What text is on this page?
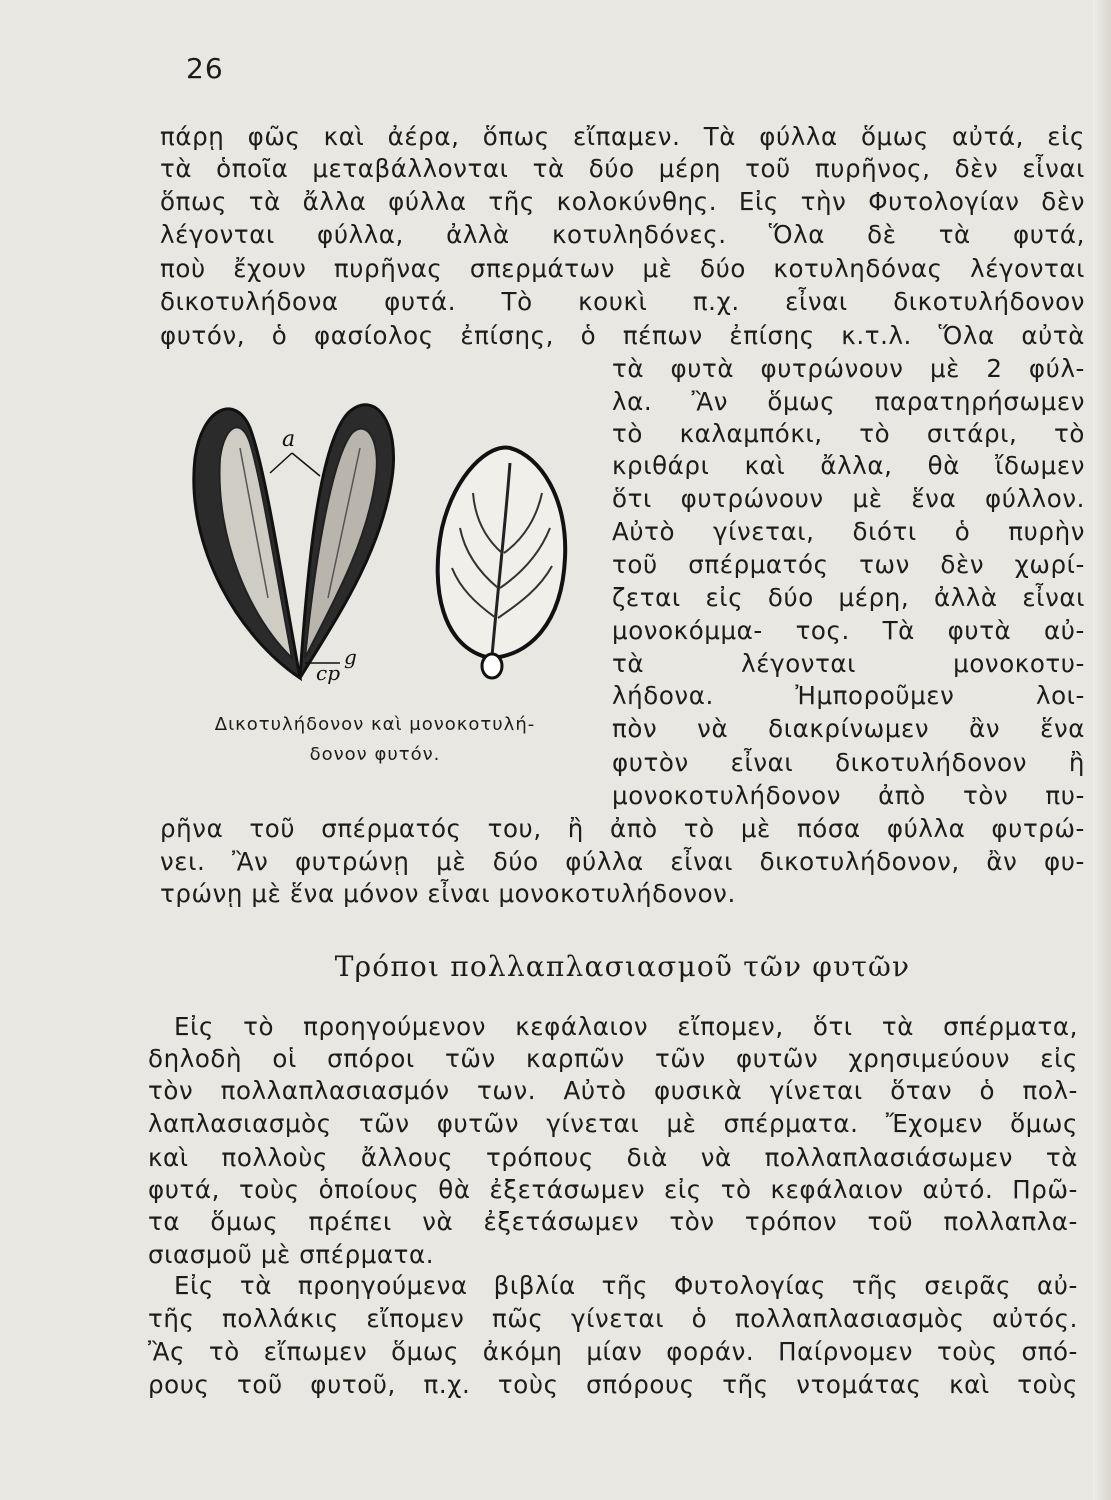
26
πάρῃ φῶς καὶ ἀέρα, ὅπως εἴπαμεν. Τὰ φύλλα ὅμως αὐτά, εἰς
τὰ ὁποῖα μεταβάλλονται τὰ δύο μέρη τοῦ πυρῆνος, δὲν εἶναι
ὅπως τὰ ἄλλα φύλλα τῆς κολοκύνθης. Εἰς τὴν Φυτολογίαν δὲν
λέγονται φύλλα, ἀλλὰ κοτυληδόνες. Ὅλα δὲ τὰ φυτά,
ποὺ ἔχουν πυρῆνας σπερμάτων μὲ δύο κοτυληδόνας λέγονται
δικοτυλήδονα φυτά. Τὸ κουκὶ π.χ. εἶναι δικοτυλήδονον
φυτόν, ὁ φασίολος ἐπίσης, ὁ πέπων ἐπίσης κ.τ.λ. Ὅλα αὐτὰ
τὰ φυτὰ φυτρώνουν μὲ 2 φύλ-
λα. Ἂν ὅμως παρατηρήσωμεν
τὸ καλαμπόκι, τὸ σιτάρι, τὸ
κριθάρι καὶ ἄλλα, θὰ ἴδωμεν
ὅτι φυτρώνουν μὲ ἕνα φύλλον.
Αὐτὸ γίνεται, διότι ὁ πυρὴν
τοῦ σπέρματός των δὲν χωρί-
ζεται εἰς δύο μέρη, ἀλλὰ εἶναι
μονοκόμμα- τος. Τὰ φυτὰ αὐ-
τὰ λέγονται μονοκοτυ-
λήδονα. Ἠμποροῦμεν λοι-
πὸν νὰ διακρίνωμεν ἂν ἕνα
φυτὸν εἶναι δικοτυλήδονον ἢ
μονοκοτυλήδονον ἀπὸ τὸν πυ-
a
cp
g
Δικοτυλήδονον καὶ μονοκοτυλή-
δονον φυτόν.
ρῆνα τοῦ σπέρματός του, ἢ ἀπὸ τὸ μὲ πόσα φύλλα φυτρώ-
νει. Ἂν φυτρώνῃ μὲ δύο φύλλα εἶναι δικοτυλήδονον, ἂν φυ-
τρώνῃ μὲ ἕνα μόνον εἶναι μονοκοτυλήδονον.
Τρόποι πολλαπλασιασμοῦ τῶν φυτῶν
Εἰς τὸ προηγούμενον κεφάλαιον εἴπομεν, ὅτι τὰ σπέρματα,
δηλοδὴ οἱ σπόροι τῶν καρπῶν τῶν φυτῶν χρησιμεύουν εἰς
τὸν πολλαπλασιασμόν των. Αὐτὸ φυσικὰ γίνεται ὅταν ὁ πολ-
λαπλασιασμὸς τῶν φυτῶν γίνεται μὲ σπέρματα. Ἔχομεν ὅμως
καὶ πολλοὺς ἄλλους τρόπους διὰ νὰ πολλαπλασιάσωμεν τὰ
φυτά, τοὺς ὁποίους θὰ ἐξετάσωμεν εἰς τὸ κεφάλαιον αὐτό. Πρῶ-
τα ὅμως πρέπει νὰ ἐξετάσωμεν τὸν τρόπον τοῦ πολλαπλα-
σιασμοῦ μὲ σπέρματα.
Εἰς τὰ προηγούμενα βιβλία τῆς Φυτολογίας τῆς σειρᾶς αὐ-
τῆς πολλάκις εἴπομεν πῶς γίνεται ὁ πολλαπλασιασμὸς αὐτός.
Ἂς τὸ εἴπωμεν ὅμως ἀκόμη μίαν φοράν. Παίρνομεν τοὺς σπό-
ρους τοῦ φυτοῦ, π.χ. τοὺς σπόρους τῆς ντομάτας καὶ τοὺς
